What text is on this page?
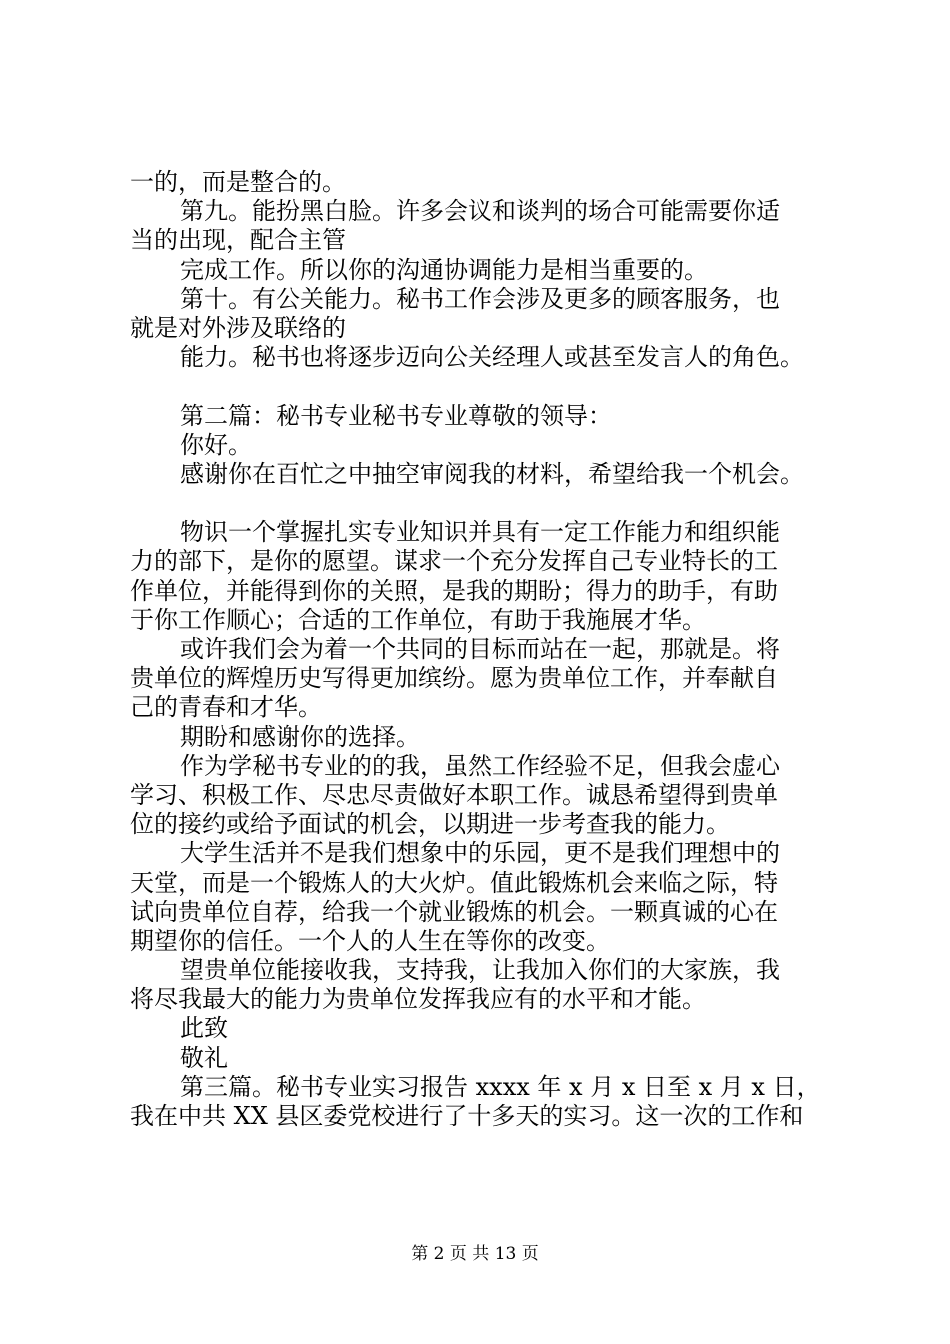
一的，而是整合的。
第九。能扮黑白脸。许多会议和谈判的场合可能需要你适
当的出现，配合主管
完成工作。所以你的沟通协调能力是相当重要的。
第十。有公关能力。秘书工作会涉及更多的顾客服务，也
就是对外涉及联络的
能力。秘书也将逐步迈向公关经理人或甚至发言人的角色。
第二篇：秘书专业秘书专业尊敬的领导：
你好。
感谢你在百忙之中抽空审阅我的材料，希望给我一个机会。
物识一个掌握扎实专业知识并具有一定工作能力和组织能
力的部下，是你的愿望。谋求一个充分发挥自己专业特长的工
作单位，并能得到你的关照，是我的期盼；得力的助手，有助
于你工作顺心；合适的工作单位，有助于我施展才华。
或许我们会为着一个共同的目标而站在一起，那就是。将
贵单位的辉煌历史写得更加缤纷。愿为贵单位工作，并奉献自
己的青春和才华。
期盼和感谢你的选择。
作为学秘书专业的的我，虽然工作经验不足，但我会虚心
学习、积极工作、尽忠尽责做好本职工作。诚恳希望得到贵单
位的接约或给予面试的机会，以期进一步考查我的能力。
大学生活并不是我们想象中的乐园，更不是我们理想中的
天堂，而是一个锻炼人的大火炉。值此锻炼机会来临之际，特
试向贵单位自荐，给我一个就业锻炼的机会。一颗真诚的心在
期望你的信任。一个人的人生在等你的改变。
望贵单位能接收我，支持我，让我加入你们的大家族，我
将尽我最大的能力为贵单位发挥我应有的水平和才能。
此致
敬礼
第三篇。秘书专业实习报告 xxxx 年 x 月 x 日至 x 月 x 日，
我在中共 XX 县区委党校进行了十多天的实习。这一次的工作和
第 2 页 共 13 页
